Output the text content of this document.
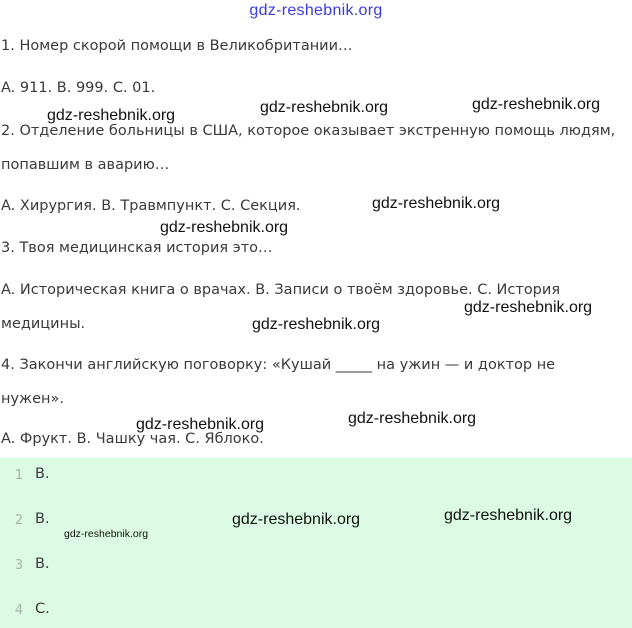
gdz-reshebnik.org
1. Номер скорой помощи в Великобритании…
A. 911. B. 999. C. 01.
2. Отделение больницы в США, которое оказывает экстренную помощь людям,
попавшим в аварию…
A. Хирургия. B. Травмпункт. C. Секция.
3. Твоя медицинская история это…
A. Историческая книга о врачах. B. Записи о твоём здоровье. C. История
медицины.
4. Закончи английскую поговорку: «Кушай _____ на ужин — и доктор не
нужен».
A. Фрукт. B. Чашку чая. C. Яблоко.
1 B.
2 B.
3 B.
4 C.
gdz-reshebnik.org	gdz-reshebnik.org	gdz-reshebnik.org
gdz-reshebnik.org
gdz-reshebnik.org
gdz-reshebnik.org
gdz-reshebnik.org
gdz-reshebnik.org	gdz-reshebnik.org
gdz-reshebnik.org	gdz-reshebnik.org
gdz-reshebnik.org
